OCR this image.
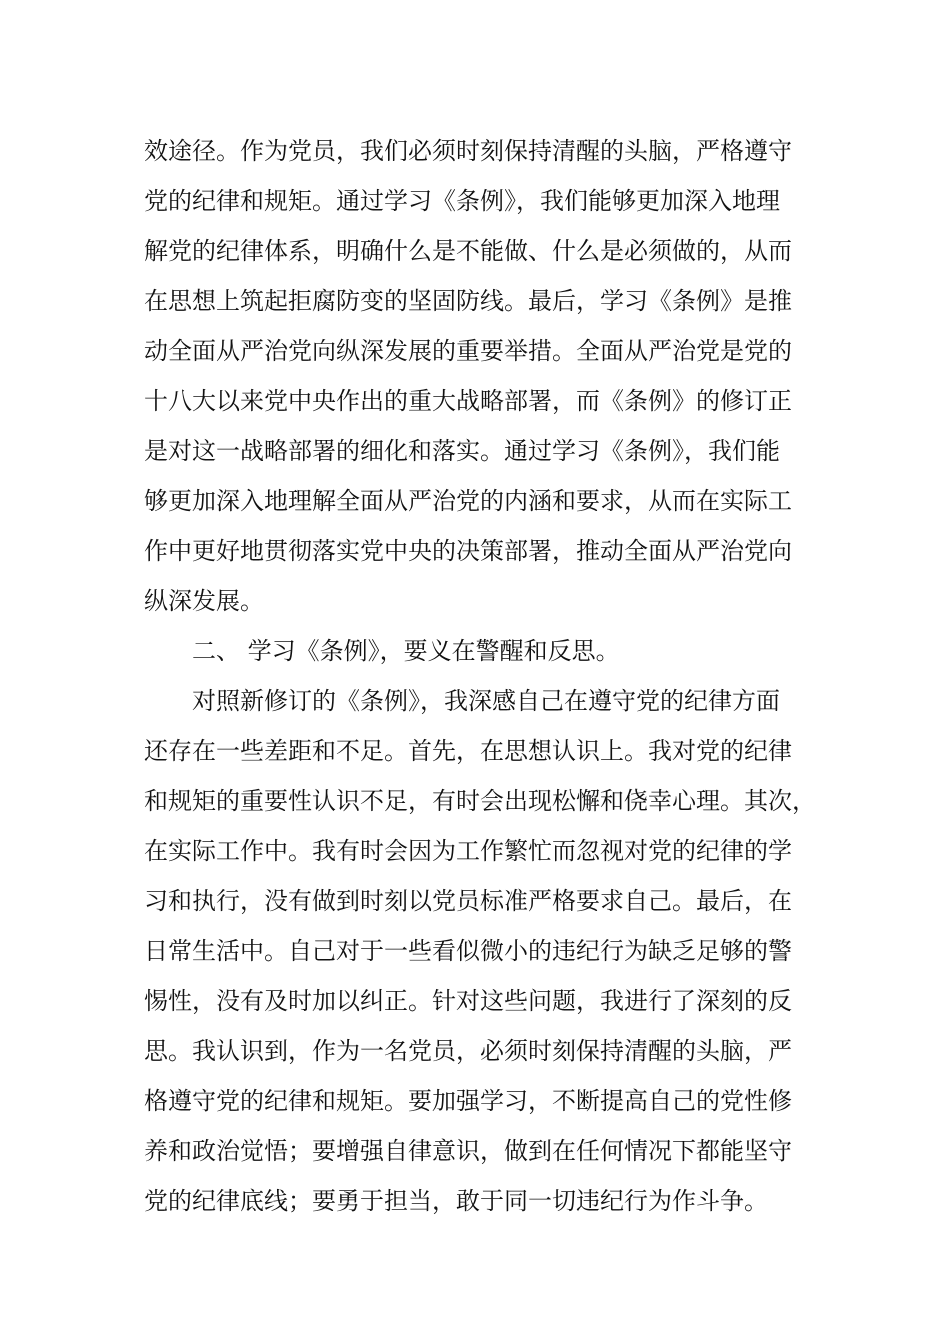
效途径。作为党员，我们必须时刻保持清醒的头脑，严格遵守
党的纪律和规矩。通过学习《条例》，我们能够更加深入地理
解党的纪律体系，明确什么是不能做、什么是必须做的，从而
在思想上筑起拒腐防变的坚固防线。最后，学习《条例》是推
动全面从严治党向纵深发展的重要举措。全面从严治党是党的
十八大以来党中央作出的重大战略部署，而《条例》的修订正
是对这一战略部署的细化和落实。通过学习《条例》，我们能
够更加深入地理解全面从严治党的内涵和要求，从而在实际工
作中更好地贯彻落实党中央的决策部署，推动全面从严治党向
纵深发展。
二、 学习《条例》，要义在警醒和反思。
对照新修订的《条例》，我深感自己在遵守党的纪律方面
还存在一些差距和不足。首先，在思想认识上。我对党的纪律
和规矩的重要性认识不足，有时会出现松懈和侥幸心理。其次，
在实际工作中。我有时会因为工作繁忙而忽视对党的纪律的学
习和执行，没有做到时刻以党员标准严格要求自己。最后，在
日常生活中。自己对于一些看似微小的违纪行为缺乏足够的警
惕性，没有及时加以纠正。针对这些问题，我进行了深刻的反
思。我认识到，作为一名党员，必须时刻保持清醒的头脑，严
格遵守党的纪律和规矩。要加强学习，不断提高自己的党性修
养和政治觉悟；要增强自律意识，做到在任何情况下都能坚守
党的纪律底线；要勇于担当，敢于同一切违纪行为作斗争。
